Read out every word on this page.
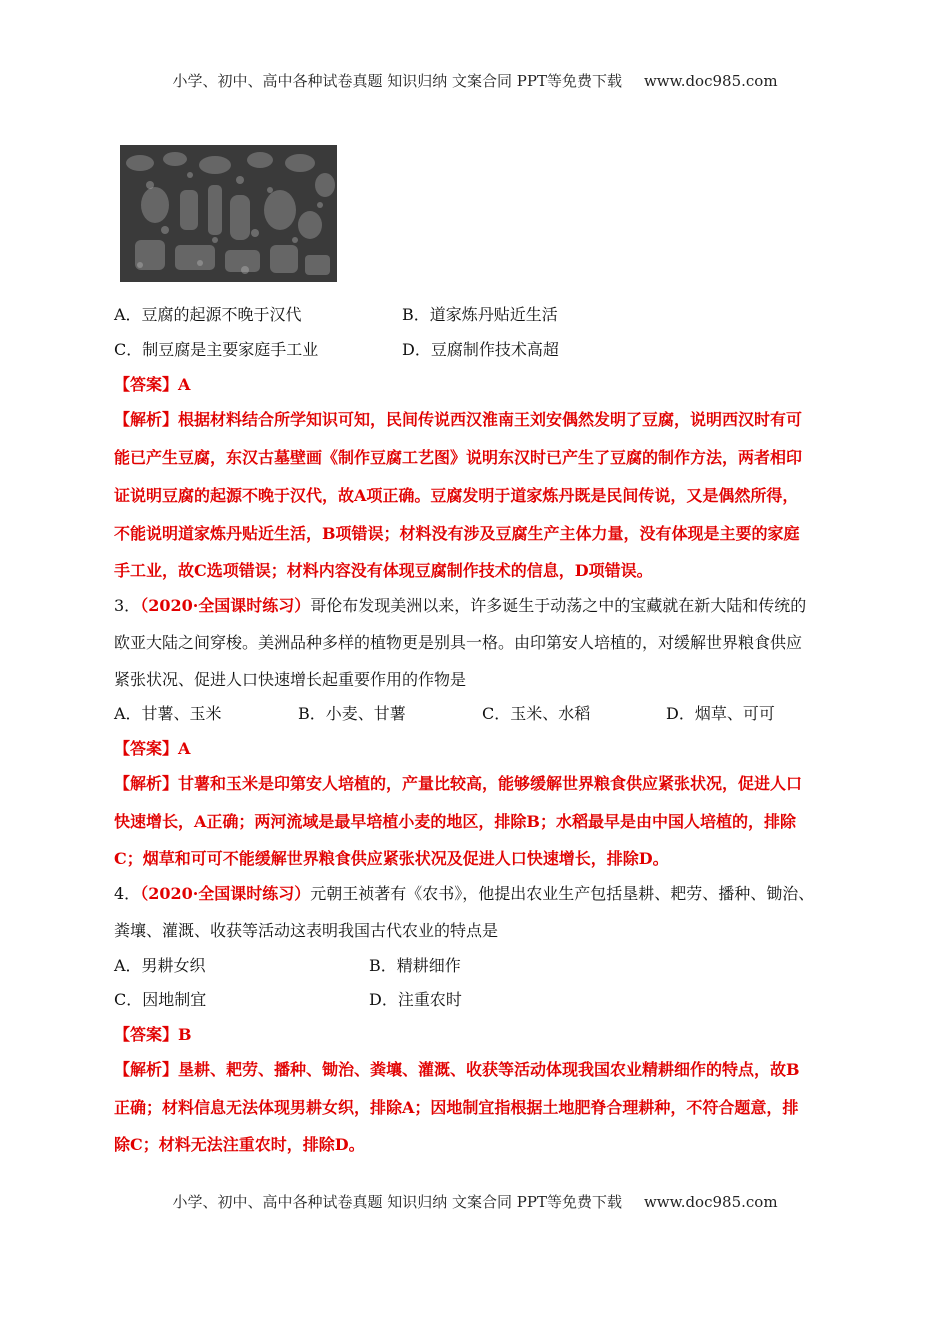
小学、初中、高中各种试卷真题 知识归纳 文案合同 PPT等免费下载 www.doc985.com
A．豆腐的起源不晚于汉代	B．道家炼丹贴近生活
C．制豆腐是主要家庭手工业	D．豆腐制作技术高超
【答案】A
【解析】根据材料结合所学知识可知，民间传说西汉淮南王刘安偶然发明了豆腐，说明西汉时有可
能已产生豆腐，东汉古墓壁画《制作豆腐工艺图》说明东汉时已产生了豆腐的制作方法，两者相印
证说明豆腐的起源不晚于汉代，故A项正确。豆腐发明于道家炼丹既是民间传说，又是偶然所得，
不能说明道家炼丹贴近生活，B项错误；材料没有涉及豆腐生产主体力量，没有体现是主要的家庭
手工业，故C选项错误；材料内容没有体现豆腐制作技术的信息，D项错误。
3．（2020·全国课时练习）哥伦布发现美洲以来，许多诞生于动荡之中的宝藏就在新大陆和传统的
欧亚大陆之间穿梭。美洲品种多样的植物更是别具一格。由印第安人培植的，对缓解世界粮食供应
紧张状况、促进人口快速增长起重要作用的作物是
A．甘薯、玉米	B．小麦、甘薯	C．玉米、水稻	D．烟草、可可
【答案】A
【解析】甘薯和玉米是印第安人培植的，产量比较高，能够缓解世界粮食供应紧张状况，促进人口
快速增长，A正确；两河流域是最早培植小麦的地区，排除B；水稻最早是由中国人培植的，排除
C；烟草和可可不能缓解世界粮食供应紧张状况及促进人口快速增长，排除D。
4．（2020·全国课时练习）元朝王祯著有《农书》，他提出农业生产包括垦耕、耙劳、播种、锄治、
粪壤、灌溉、收获等活动这表明我国古代农业的特点是
A．男耕女织	B．精耕细作
C．因地制宜	D．注重农时
【答案】B
【解析】垦耕、耙劳、播种、锄治、粪壤、灌溉、收获等活动体现我国农业精耕细作的特点，故B
正确；材料信息无法体现男耕女织，排除A；因地制宜指根据土地肥脊合理耕种，不符合题意，排
除C；材料无法注重农时，排除D。
小学、初中、高中各种试卷真题 知识归纳 文案合同 PPT等免费下载 www.doc985.com
